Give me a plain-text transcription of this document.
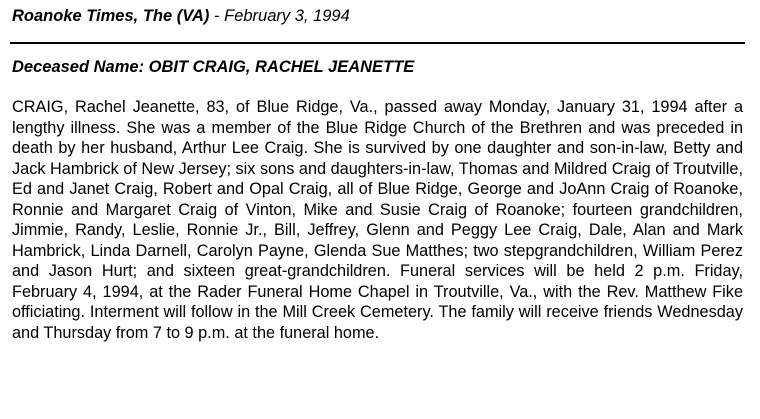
Roanoke Times, The (VA) - February 3, 1994
Deceased Name: OBIT CRAIG, RACHEL JEANETTE

CRAIG, Rachel Jeanette, 83, of Blue Ridge, Va., passed away Monday, January 31, 1994 after a lengthy illness. She was a member of the Blue Ridge Church of the Brethren and was preceded in death by her husband, Arthur Lee Craig. She is survived by one daughter and son-in-law, Betty and Jack Hambrick of New Jersey; six sons and daughters-in-law, Thomas and Mildred Craig of Troutville, Ed and Janet Craig, Robert and Opal Craig, all of Blue Ridge, George and JoAnn Craig of Roanoke, Ronnie and Margaret Craig of Vinton, Mike and Susie Craig of Roanoke; fourteen grandchildren, Jimmie, Randy, Leslie, Ronnie Jr., Bill, Jeffrey, Glenn and Peggy Lee Craig, Dale, Alan and Mark Hambrick, Linda Darnell, Carolyn Payne, Glenda Sue Matthes; two stepgrandchildren, William Perez and Jason Hurt; and sixteen great-grandchildren. Funeral services will be held 2 p.m. Friday, February 4, 1994, at the Rader Funeral Home Chapel in Troutville, Va., with the Rev. Matthew Fike officiating. Interment will follow in the Mill Creek Cemetery. The family will receive friends Wednesday and Thursday from 7 to 9 p.m. at the funeral home.
